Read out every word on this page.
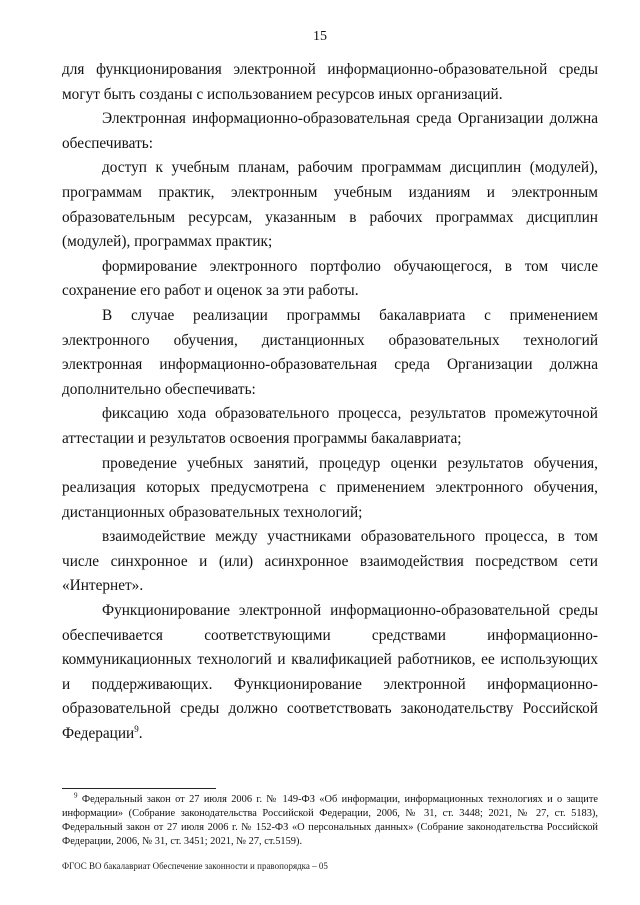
15

для функционирования электронной информационно-образовательной среды могут быть созданы с использованием ресурсов иных организаций.

Электронная информационно-образовательная среда Организации должна обеспечивать:

доступ к учебным планам, рабочим программам дисциплин (модулей), программам практик, электронным учебным изданиям и электронным образовательным ресурсам, указанным в рабочих программах дисциплин (модулей), программах практик;

формирование электронного портфолио обучающегося, в том числе сохранение его работ и оценок за эти работы.

В случае реализации программы бакалавриата с применением электронного обучения, дистанционных образовательных технологий электронная информационно-образовательная среда Организации должна дополнительно обеспечивать:

фиксацию хода образовательного процесса, результатов промежуточной аттестации и результатов освоения программы бакалавриата;

проведение учебных занятий, процедур оценки результатов обучения, реализация которых предусмотрена с применением электронного обучения, дистанционных образовательных технологий;

взаимодействие между участниками образовательного процесса, в том числе синхронное и (или) асинхронное взаимодействия посредством сети «Интернет».

Функционирование электронной информационно-образовательной среды обеспечивается соответствующими средствами информационно-коммуникационных технологий и квалификацией работников, ее использующих и поддерживающих. Функционирование электронной информационно-образовательной среды должно соответствовать законодательству Российской Федерации$^9$.

$^9$ Федеральный закон от 27 июля 2006 г. № 149-ФЗ «Об информации, информационных технологиях и о защите информации» (Собрание законодательства Российской Федерации, 2006, № 31, ст. 3448; 2021, № 27, ст. 5183), Федеральный закон от 27 июля 2006 г. № 152-ФЗ «О персональных данных» (Собрание законодательства Российской Федерации, 2006, № 31, ст. 3451; 2021, № 27, ст.5159).
ФГОС ВО бакалавриат Обеспечение законности и правопорядка – 05
